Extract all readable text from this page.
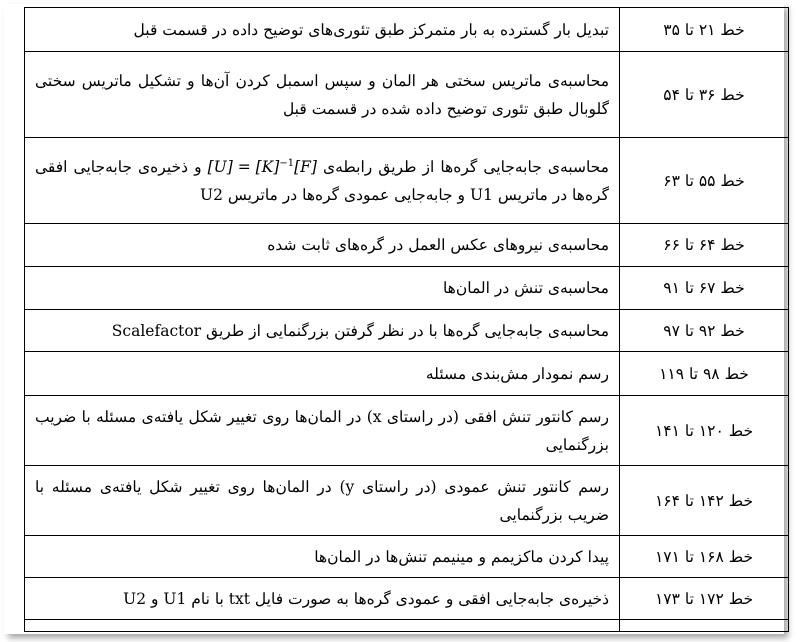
خط ۲۱ تا ۳۵	تبدیل بار گسترده به بار متمرکز طبق تئوری‌های توضیح داده در قسمت قبل
خط ۳۶ تا ۵۴	محاسبه‌ی ماتریس سختی هر المان و سپس اسمبل کردن آن‌ها و تشکیل ماتریس سختی گلوبال طبق تئوری توضیح داده شده در قسمت قبل
خط ۵۵ تا ۶۳	محاسبه‌ی جابه‌جایی گره‌ها از طریق رابطه‌ی $[U] = [K]^{-1}[F]$ و ذخیره‌ی جابه‌جایی افقی گره‌ها در ماتریس U1 و جابه‌جایی عمودی گره‌ها در ماتریس U2
خط ۶۴ تا ۶۶	محاسبه‌ی نیروهای عکس العمل در گره‌های ثابت شده
خط ۶۷ تا ۹۱	محاسبه‌ی تنش در المان‌ها
خط ۹۲ تا ۹۷	محاسبه‌ی جابه‌جایی گره‌ها با در نظر گرفتن بزرگنمایی از طریق Scalefactor
خط ۹۸ تا ۱۱۹	رسم نمودار مش‌بندی مسئله
خط ۱۲۰ تا ۱۴۱	رسم کانتور تنش افقی (در راستای x) در المان‌ها روی تغییر شکل یافته‌ی مسئله با ضریب بزرگنمایی
خط ۱۴۲ تا ۱۶۴	رسم کانتور تنش عمودی (در راستای y) در المان‌ها روی تغییر شکل یافته‌ی مسئله با ضریب بزرگنمایی
خط ۱۶۸ تا ۱۷۱	پیدا کردن ماکزیمم و مینیمم تنش‌ها در المان‌ها
خط ۱۷۲ تا ۱۷۳	ذخیره‌ی جابه‌جایی افقی و عمودی گره‌ها به صورت فایل txt با نام U1 و U2
